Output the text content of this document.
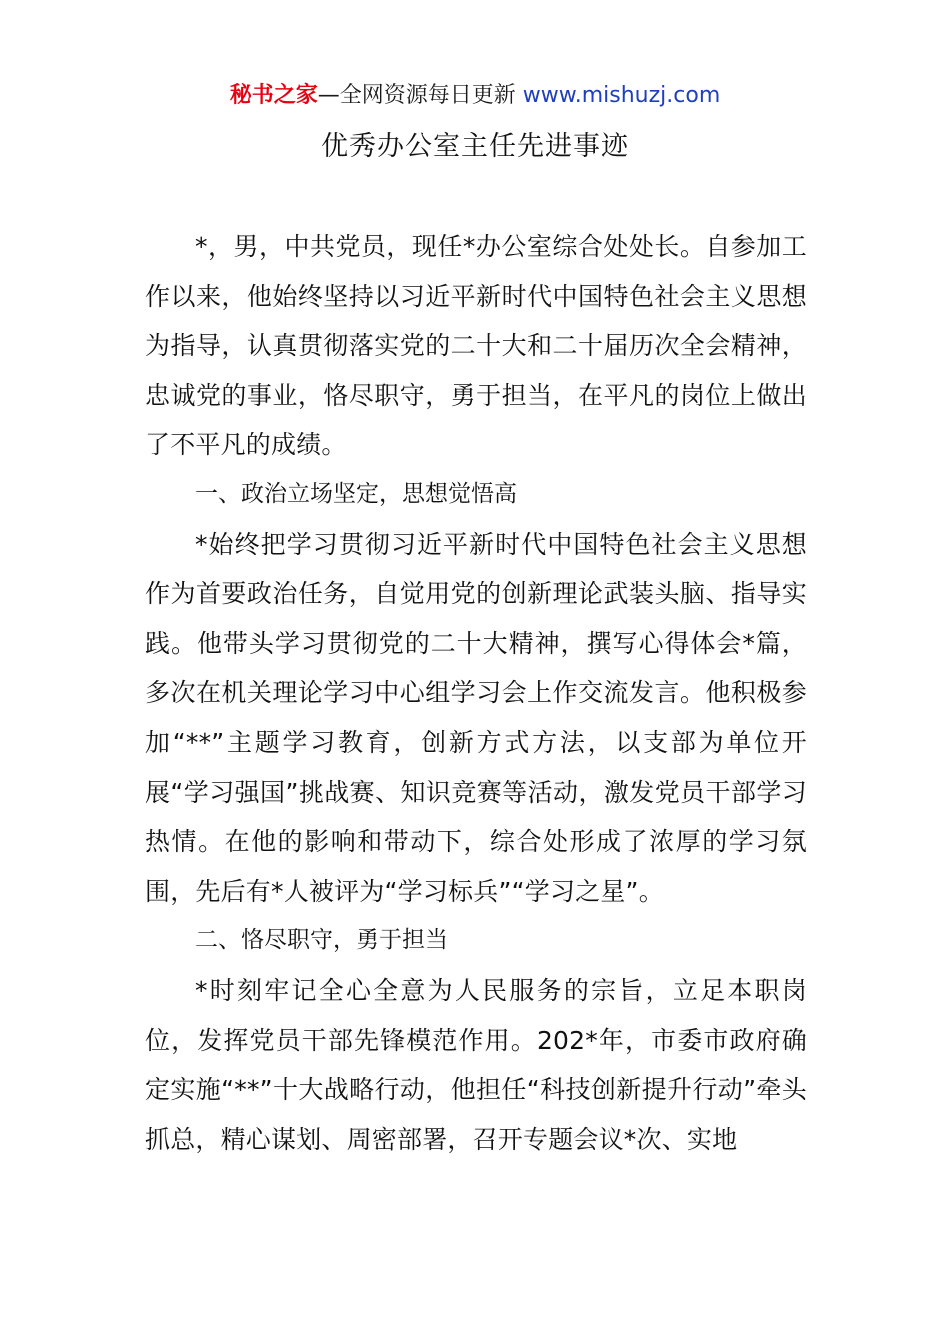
秘书之家—全网资源每日更新 www.mishuzj.com
优秀办公室主任先进事迹

*，男，中共党员，现任*办公室综合处处长。自参加工作以来，他始终坚持以习近平新时代中国特色社会主义思想为指导，认真贯彻落实党的二十大和二十届历次全会精神，忠诚党的事业，恪尽职守，勇于担当，在平凡的岗位上做出了不平凡的成绩。

一、政治立场坚定，思想觉悟高

*始终把学习贯彻习近平新时代中国特色社会主义思想作为首要政治任务，自觉用党的创新理论武装头脑、指导实践。他带头学习贯彻党的二十大精神，撰写心得体会*篇，多次在机关理论学习中心组学习会上作交流发言。他积极参加“**”主题学习教育，创新方式方法，以支部为单位开展“学习强国”挑战赛、知识竞赛等活动，激发党员干部学习热情。在他的影响和带动下，综合处形成了浓厚的学习氛围，先后有*人被评为“学习标兵”“学习之星”。

二、恪尽职守，勇于担当

*时刻牢记全心全意为人民服务的宗旨，立足本职岗位，发挥党员干部先锋模范作用。202*年，市委市政府确定实施“**”十大战略行动，他担任“科技创新提升行动”牵头抓总，精心谋划、周密部署，召开专题会议*次、实地
